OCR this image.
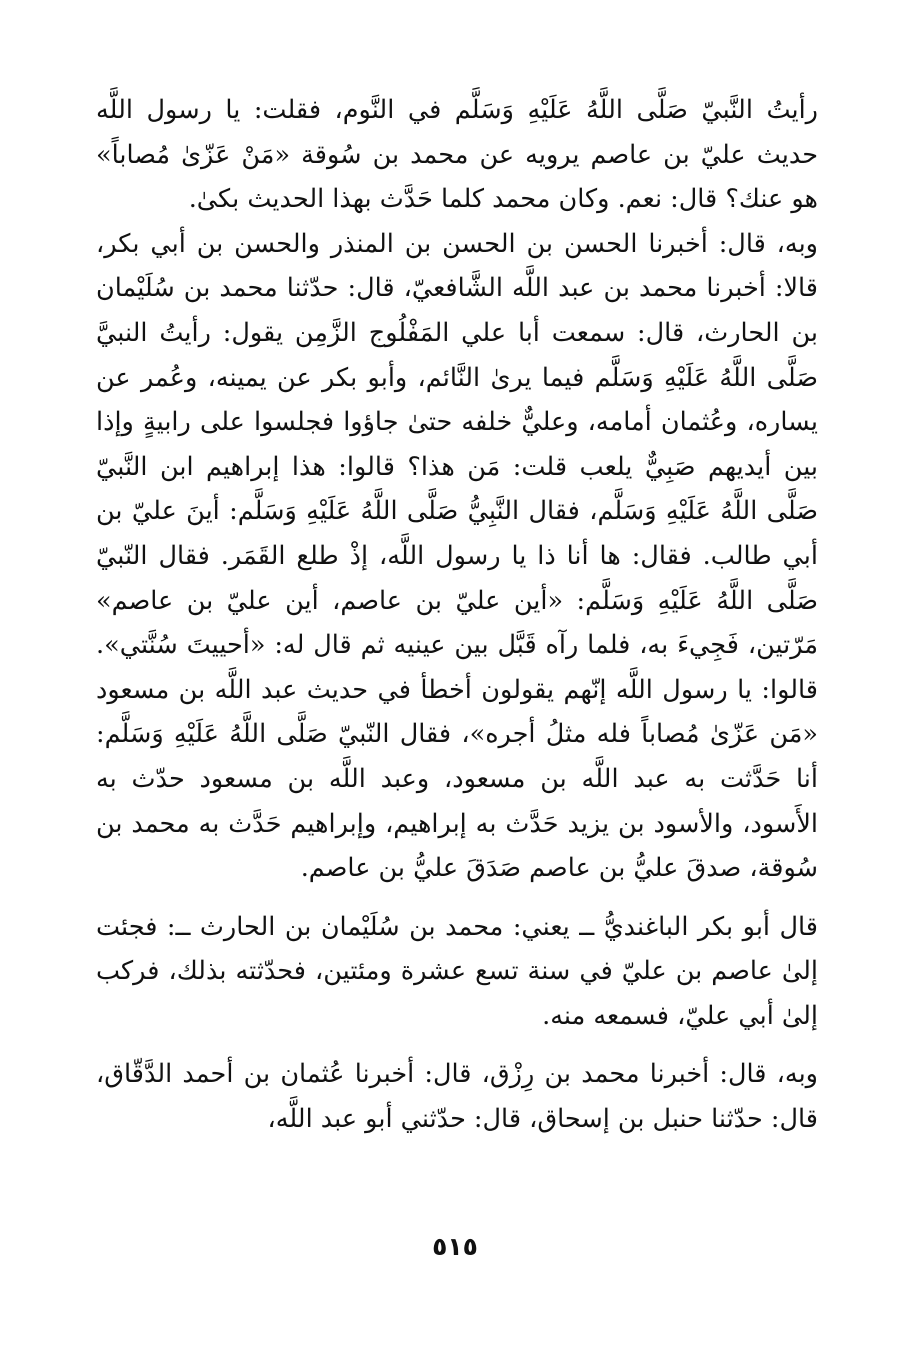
رأيتُ النَّبيّ صَلَّى اللَّهُ عَلَيْهِ وَسَلَّم في النَّوم، فقلت: يا رسول اللَّه حديث عليّ بن عاصم يرويه عن محمد بن سُوقة «مَنْ عَزّىٰ مُصاباً» هو عنك؟ قال: نعم. وكان محمد كلما حَدَّث بهذا الحديث بكىٰ.

وبه، قال: أخبرنا الحسن بن الحسن بن المنذر والحسن بن أبي بكر، قالا: أخبرنا محمد بن عبد اللَّه الشَّافعيّ، قال: حدّثنا محمد بن سُلَيْمان بن الحارث، قال: سمعت أبا علي المَفْلُوج الزَّمِن يقول: رأيتُ النبيَّ صَلَّى اللَّهُ عَلَيْهِ وَسَلَّم فيما يرىٰ النَّائم، وأبو بكر عن يمينه، وعُمر عن يساره، وعُثمان أمامه، وعليٌّ خلفه حتىٰ جاؤوا فجلسوا على رابيةٍ وإذا بين أيديهم صَبِيٌّ يلعب قلت: مَن هذا؟ قالوا: هذا إبراهيم ابن النَّبيّ صَلَّى اللَّهُ عَلَيْهِ وَسَلَّم، فقال النَّبِيُّ صَلَّى اللَّهُ عَلَيْهِ وَسَلَّم: أينَ عليّ بن أبي طالب. فقال: ها أنا ذا يا رسول اللَّه، إذْ طلع القَمَر. فقال النّبيّ صَلَّى اللَّهُ عَلَيْهِ وَسَلَّم: «أين عليّ بن عاصم، أين عليّ بن عاصم» مَرّتين، فَجِيءَ به، فلما رآه قَبَّل بين عينيه ثم قال له: «أحييتَ سُنَّتي». قالوا: يا رسول اللَّه إنّهم يقولون أخطأ في حديث عبد اللَّه بن مسعود «مَن عَزّىٰ مُصاباً فله مثلُ أجره»، فقال النّبيّ صَلَّى اللَّهُ عَلَيْهِ وَسَلَّم: أنا حَدَّثت به عبد اللَّه بن مسعود، وعبد اللَّه بن مسعود حدّث به الأَسود، والأسود بن يزيد حَدَّث به إبراهيم، وإبراهيم حَدَّث به محمد بن سُوقة، صدقَ عليُّ بن عاصم صَدَقَ عليُّ بن عاصم.

قال أبو بكر الباغنديُّ ــ يعني: محمد بن سُلَيْمان بن الحارث ــ: فجئت إلىٰ عاصم بن عليّ في سنة تسع عشرة ومئتين، فحدّثته بذلك، فركب إلىٰ أبي عليّ، فسمعه منه.

وبه، قال: أخبرنا محمد بن رِزْق، قال: أخبرنا عُثمان بن أحمد الدَّقّاق، قال: حدّثنا حنبل بن إسحاق، قال: حدّثني أبو عبد اللَّه،

٥١٥
